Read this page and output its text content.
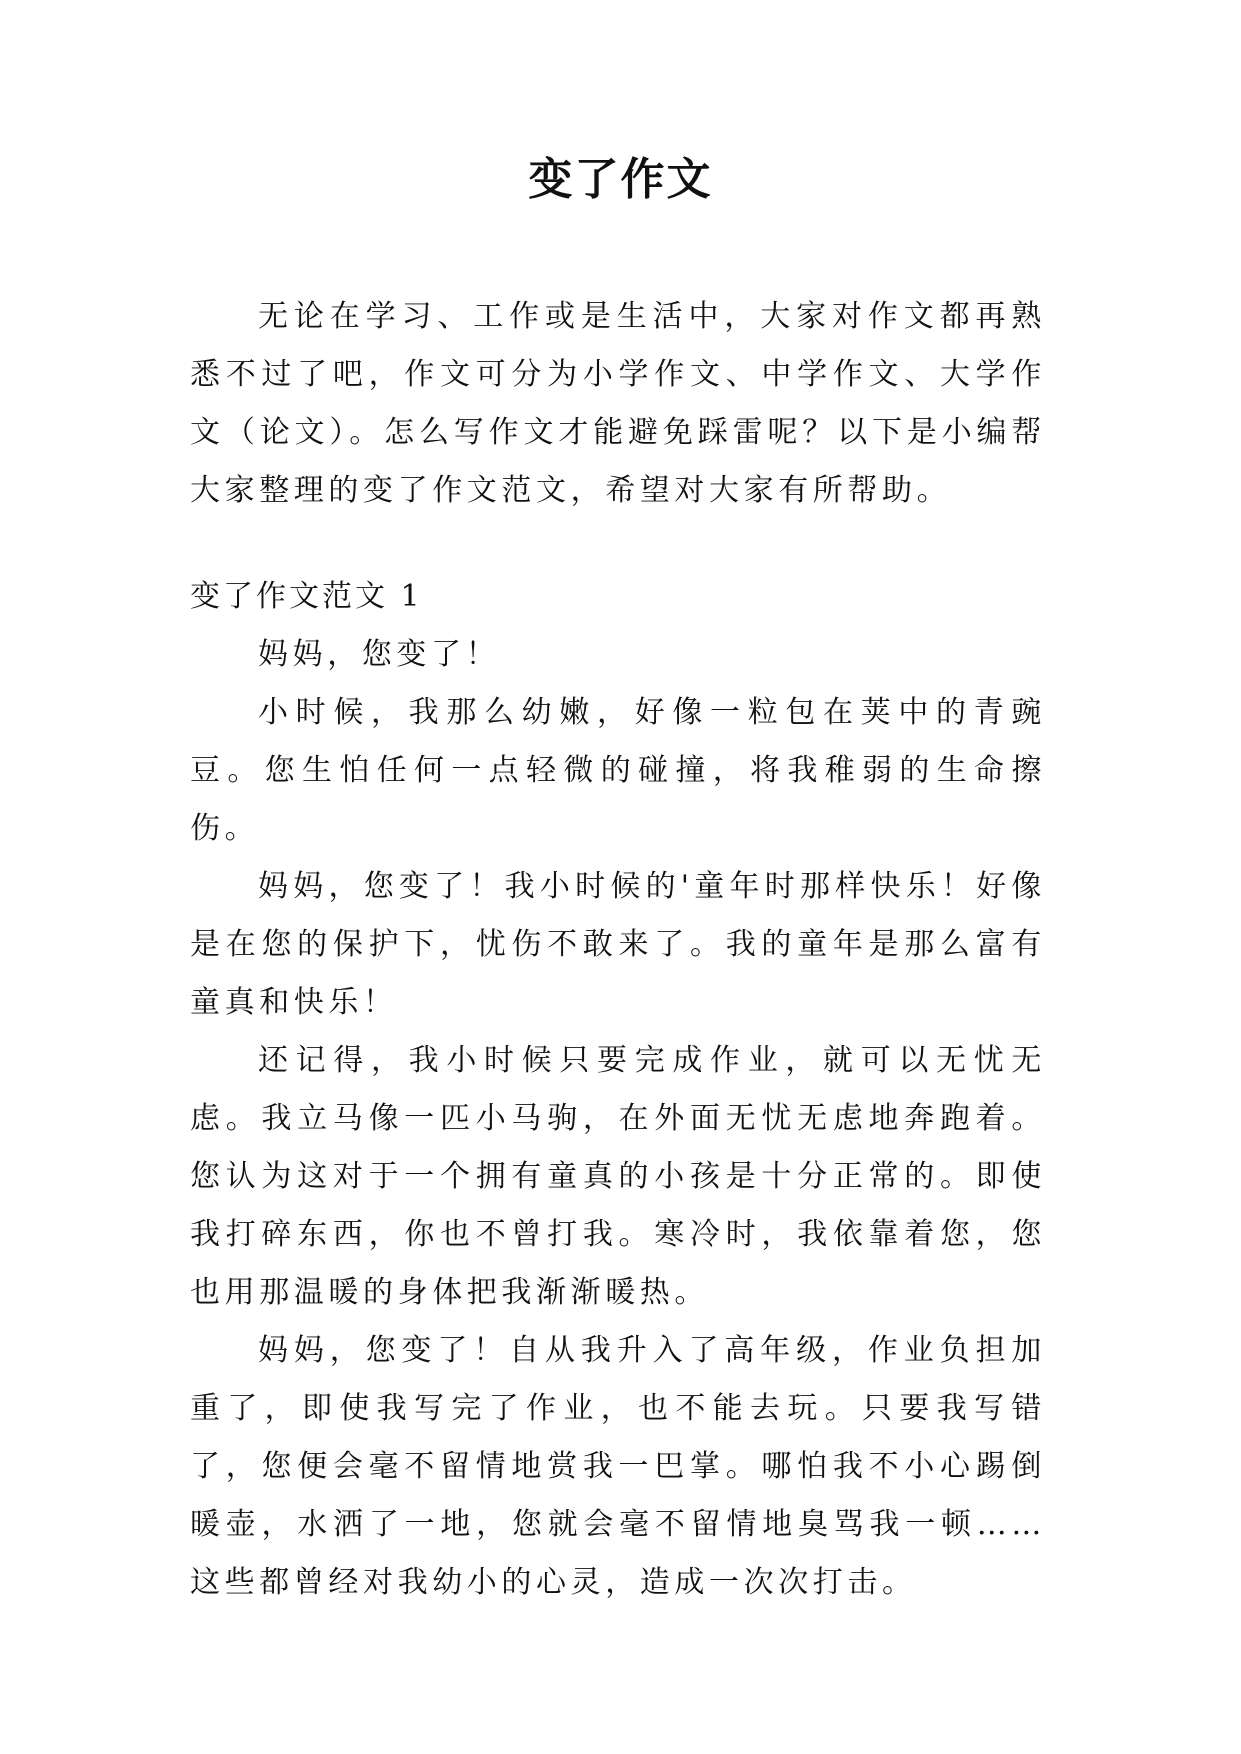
变了作文

无论在学习、工作或是生活中，大家对作文都再熟悉不过了吧，作文可分为小学作文、中学作文、大学作文（论文）。怎么写作文才能避免踩雷呢？以下是小编帮大家整理的变了作文范文，希望对大家有所帮助。

变了作文范文 1

妈妈，您变了！

小时候，我那么幼嫩，好像一粒包在荚中的青豌豆。您生怕任何一点轻微的碰撞，将我稚弱的生命擦伤。

妈妈，您变了！我小时候的'童年时那样快乐！好像是在您的保护下，忧伤不敢来了。我的童年是那么富有童真和快乐！

还记得，我小时候只要完成作业，就可以无忧无虑。我立马像一匹小马驹，在外面无忧无虑地奔跑着。您认为这对于一个拥有童真的小孩是十分正常的。即使我打碎东西，你也不曾打我。寒冷时，我依靠着您，您也用那温暖的身体把我渐渐暖热。

妈妈，您变了！自从我升入了高年级，作业负担加重了，即使我写完了作业，也不能去玩。只要我写错了，您便会毫不留情地赏我一巴掌。哪怕我不小心踢倒暖壶，水洒了一地，您就会毫不留情地臭骂我一顿……这些都曾经对我幼小的心灵，造成一次次打击。
